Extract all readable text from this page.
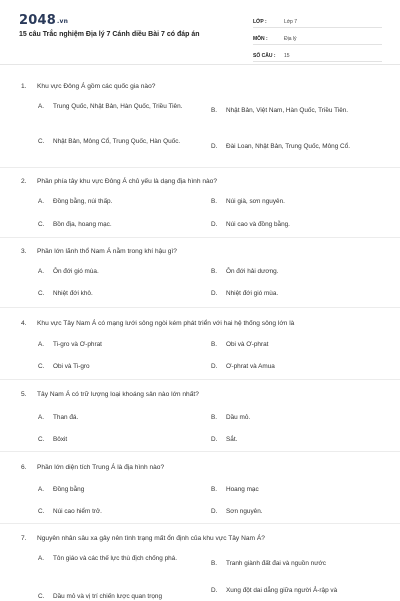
2048.vn
15 câu Trắc nghiệm Địa lý 7 Cánh diều Bài 7 có đáp án
LỚP :	Lớp 7
MÔN :	Địa lý
SỐ CÂU :	15
1. Khu vực Đông Á gồm các quốc gia nào?
A.	Trung Quốc, Nhật Bản, Hàn Quốc, Triều Tiên.
B.	Nhật Bản, Việt Nam, Hàn Quốc, Triều Tiên.
C.	Nhật Bản, Mông Cổ, Trung Quốc, Hàn Quốc.
D.	Đài Loan, Nhật Bản, Trung Quốc, Mông Cổ.
2. Phần phía tây khu vực Đông Á chủ yếu là dạng địa hình nào?
A.	Đồng bằng, núi thấp.	B.	Núi già, sơn nguyên.
C.	Bồn địa, hoang mạc.	D.	Núi cao và đồng bằng.
3. Phần lớn lãnh thổ Nam Á nằm trong khí hậu gì?
A.	Ôn đới gió mùa.	B.	Ôn đới hải dương.
C.	Nhiệt đới khô.	D.	Nhiệt đới gió mùa.
4. Khu vực Tây Nam Á có mạng lưới sông ngòi kém phát triển với hai hệ thống sông lớn là
A.	Ti-gro và Ơ-phrat	B.	Obi và Ơ-phrat
C.	Obi và Ti-gro	D.	Ơ-phrat và Amua
5. Tây Nam Á có trữ lượng loại khoáng sản nào lớn nhất?
A.	Than đá.	B.	Dầu mỏ.
C.	Bôxit	D.	Sắt.
6. Phần lớn diện tích Trung Á là địa hình nào?
A.	Đồng bằng	B.	Hoang mạc
C.	Núi cao hiểm trở.	D.	Sơn nguyên.
7. Nguyên nhân sâu xa gây nên tình trạng mất ổn định của khu vực Tây Nam Á?
A.	Tôn giáo và các thế lực thù địch chống phá.
B.	Tranh giành đất đai và nguồn nước
C.	Dầu mỏ và vị trí chiến lược quan trọng
D.	Xung đột dai dẳng giữa người Ả-rập và
